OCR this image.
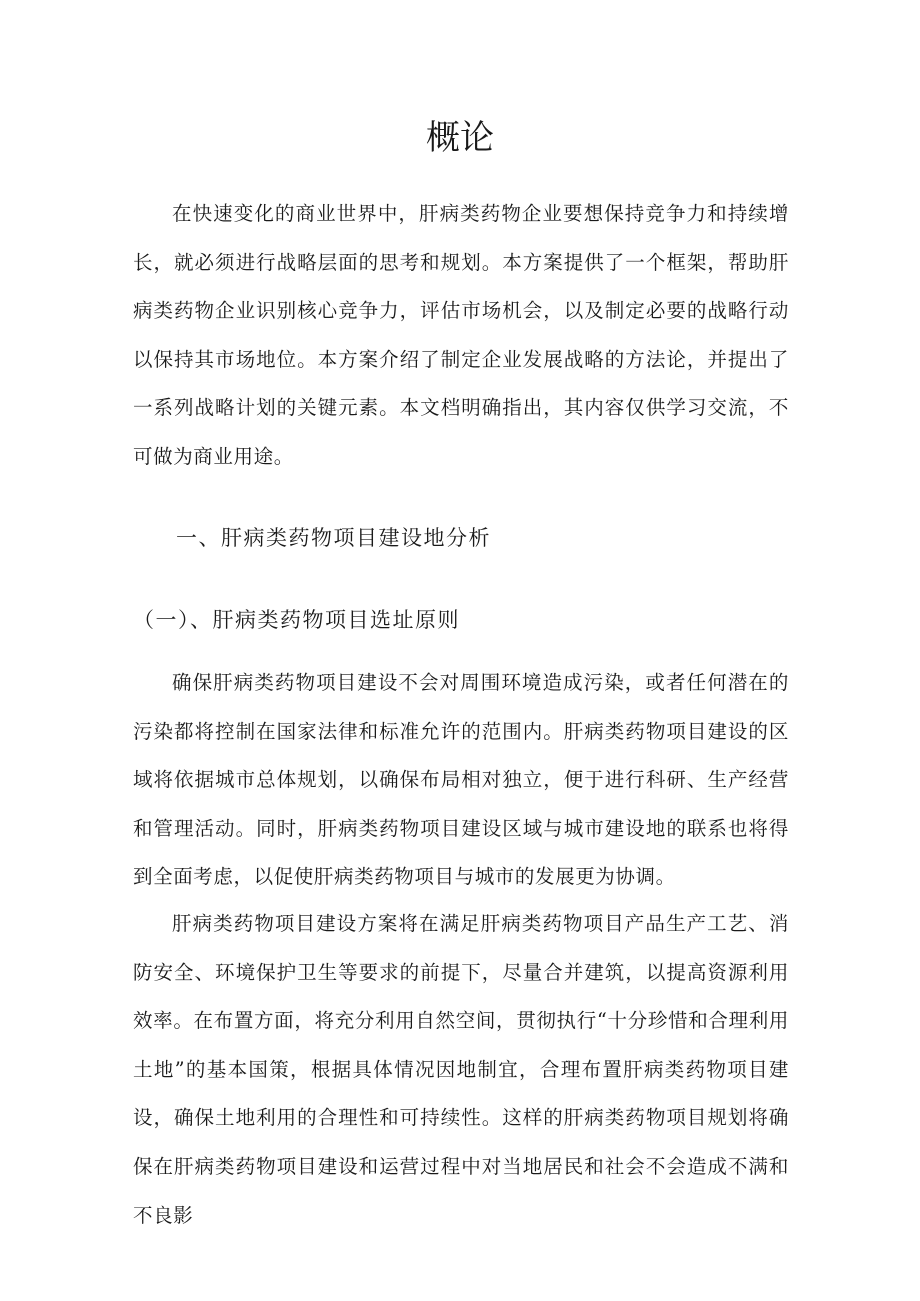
概论

在快速变化的商业世界中，肝病类药物企业要想保持竞争力和持续增长，就必须进行战略层面的思考和规划。本方案提供了一个框架，帮助肝病类药物企业识别核心竞争力，评估市场机会，以及制定必要的战略行动以保持其市场地位。本方案介绍了制定企业发展战略的方法论，并提出了一系列战略计划的关键元素。本文档明确指出，其内容仅供学习交流，不可做为商业用途。

一、肝病类药物项目建设地分析
（一）、肝病类药物项目选址原则

确保肝病类药物项目建设不会对周围环境造成污染，或者任何潜在的污染都将控制在国家法律和标准允许的范围内。肝病类药物项目建设的区域将依据城市总体规划，以确保布局相对独立，便于进行科研、生产经营和管理活动。同时，肝病类药物项目建设区域与城市建设地的联系也将得到全面考虑，以促使肝病类药物项目与城市的发展更为协调。

肝病类药物项目建设方案将在满足肝病类药物项目产品生产工艺、消防安全、环境保护卫生等要求的前提下，尽量合并建筑，以提高资源利用效率。在布置方面，将充分利用自然空间，贯彻执行“十分珍惜和合理利用土地”的基本国策，根据具体情况因地制宜，合理布置肝病类药物项目建设，确保土地利用的合理性和可持续性。这样的肝病类药物项目规划将确保在肝病类药物项目建设和运营过程中对当地居民和社会不会造成不满和不良影
